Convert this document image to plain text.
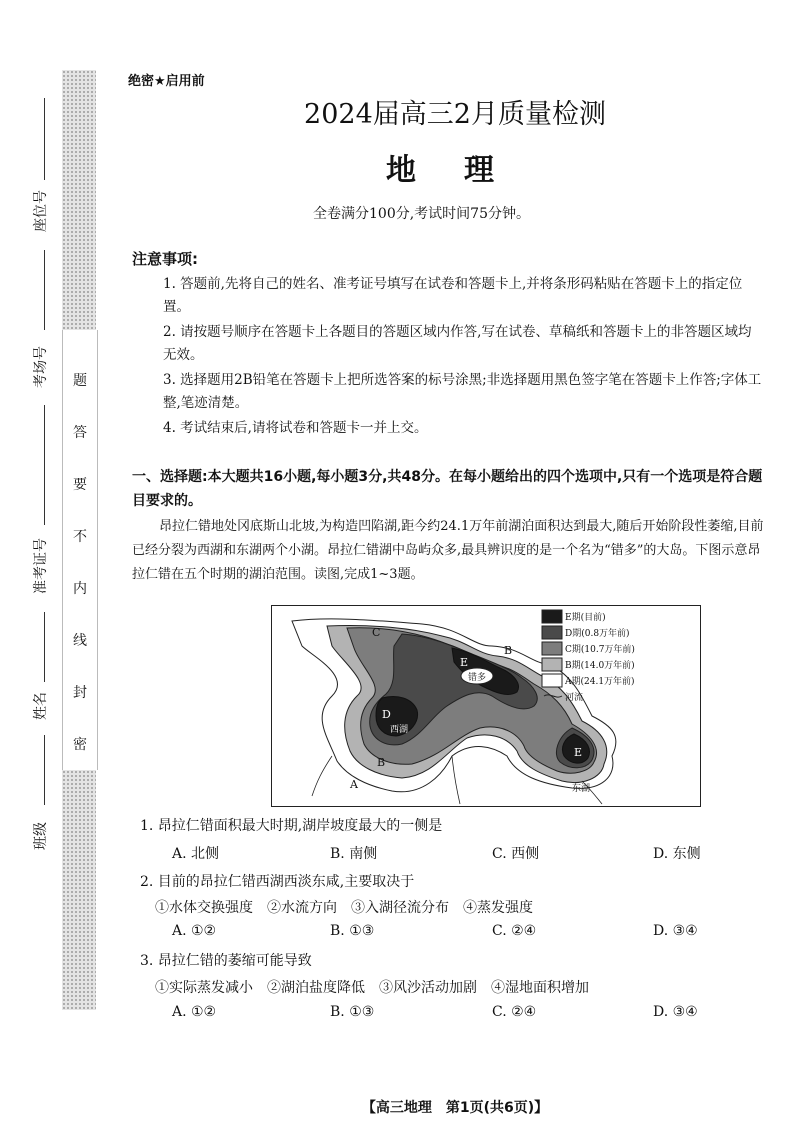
题
答
要
不
内
线
封
密
座位号
考场号
准考证号
姓名
班级
绝密★启用前
2024届高三2月质量检测
地理
全卷满分100分,考试时间75分钟。
注意事项:
1. 答题前,先将自己的姓名、准考证号填写在试卷和答题卡上,并将条形码粘贴在答题卡上的指定位置。
2. 请按题号顺序在答题卡上各题目的答题区域内作答,写在试卷、草稿纸和答题卡上的非答题区域均无效。
3. 选择题用2B铅笔在答题卡上把所选答案的标号涂黑;非选择题用黑色签字笔在答题卡上作答;字体工整,笔迹清楚。
4. 考试结束后,请将试卷和答题卡一并上交。
一、选择题:本大题共16小题,每小题3分,共48分。在每小题给出的四个选项中,只有一个选项是符合题目要求的。
昂拉仁错地处冈底斯山北坡,为构造凹陷湖,距今约24.1万年前湖泊面积达到最大,随后开始阶段性萎缩,目前已经分裂为西湖和东湖两个小湖。昂拉仁错湖中岛屿众多,最具辨识度的是一个名为“错多”的大岛。下图示意昂拉仁错在五个时期的湖泊范围。读图,完成1~3题。
C
B
E
D
B
A
E
错多
西湖
东湖
E期(目前)
D期(0.8万年前)
C期(10.7万年前)
B期(14.0万年前)
A期(24.1万年前)
河流
1. 昂拉仁错面积最大时期,湖岸坡度最大的一侧是
A. 北侧	B. 南侧	C. 西侧	D. 东侧
2. 目前的昂拉仁错西湖西淡东咸,主要取决于
①水体交换强度　②水流方向　③入湖径流分布　④蒸发强度
A. ①②	B. ①③	C. ②④	D. ③④
3. 昂拉仁错的萎缩可能导致
①实际蒸发减小　②湖泊盐度降低　③风沙活动加剧　④湿地面积增加
A. ①②	B. ①③	C. ②④	D. ③④
【高三地理　第1页(共6页)】
